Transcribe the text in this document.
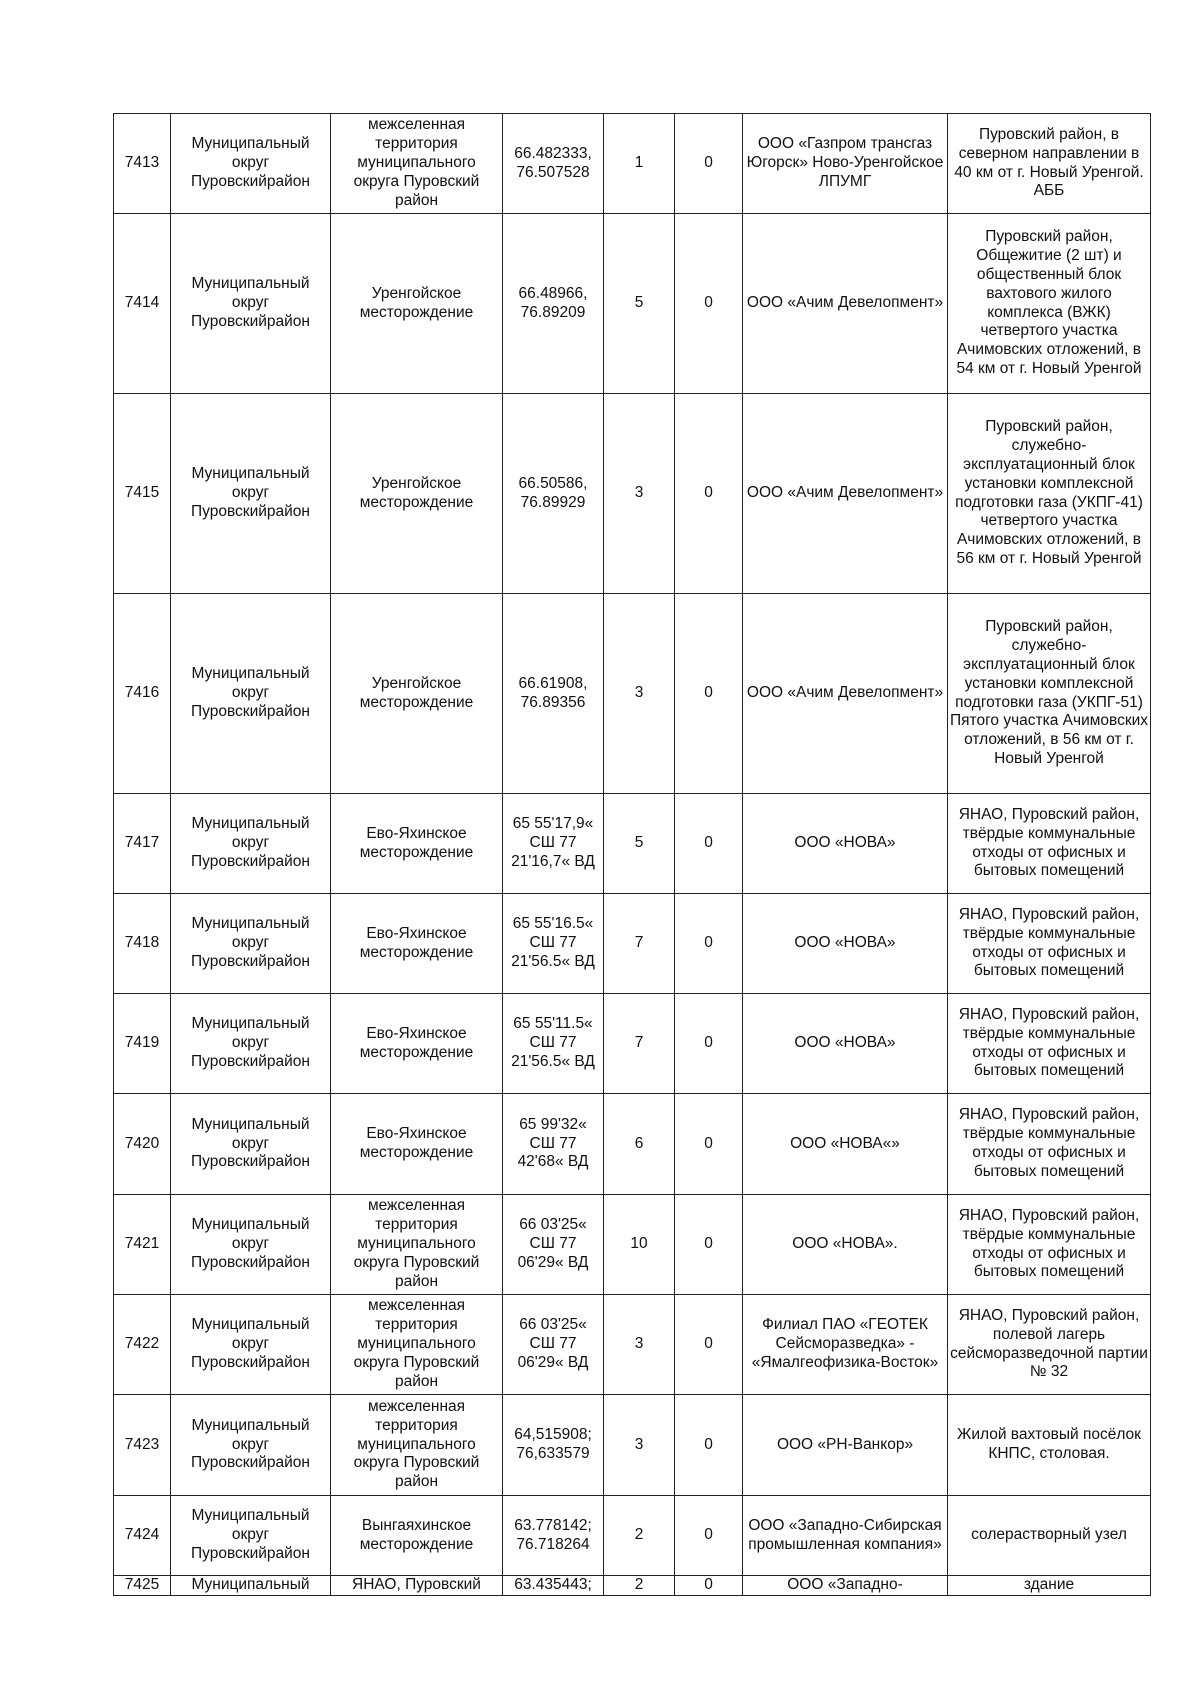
7413	Муниципальный округ Пуровскийрайон	межселенная территория муниципального округа Пуровский район	66.482333, 76.507528	1	0	ООО «Газпром трансгаз Югорск» Ново-Уренгойское ЛПУМГ	Пуровский район, в северном направлении в 40 км от г. Новый Уренгой. АББ
7414	Муниципальный округ Пуровскийрайон	Уренгойское месторождение	66.48966, 76.89209	5	0	ООО «Ачим Девелопмент»	Пуровский район, Общежитие (2 шт) и общественный блок вахтового жилого комплекса (ВЖК) четвертого участка Ачимовских отложений, в 54 км от г. Новый Уренгой
7415	Муниципальный округ Пуровскийрайон	Уренгойское месторождение	66.50586, 76.89929	3	0	ООО «Ачим Девелопмент»	Пуровский район, служебно-эксплуатационный блок установки комплексной подготовки газа (УКПГ-41) четвертого участка Ачимовских отложений, в 56 км от г. Новый Уренгой
7416	Муниципальный округ Пуровскийрайон	Уренгойское месторождение	66.61908, 76.89356	3	0	ООО «Ачим Девелопмент»	Пуровский район, служебно-эксплуатационный блок установки комплексной подготовки газа (УКПГ-51) Пятого участка Ачимовских отложений, в 56 км от г. Новый Уренгой
7417	Муниципальный округ Пуровскийрайон	Ево-Яхинское месторождение	65 55'17,9« СШ 77 21'16,7« ВД	5	0	ООО «НОВА»	ЯНАО, Пуровский район, твёрдые коммунальные отходы от офисных и бытовых помещений
7418	Муниципальный округ Пуровскийрайон	Ево-Яхинское месторождение	65 55'16.5« СШ 77 21'56.5« ВД	7	0	ООО «НОВА»	ЯНАО, Пуровский район, твёрдые коммунальные отходы от офисных и бытовых помещений
7419	Муниципальный округ Пуровскийрайон	Ево-Яхинское месторождение	65 55'11.5« СШ 77 21'56.5« ВД	7	0	ООО «НОВА»	ЯНАО, Пуровский район, твёрдые коммунальные отходы от офисных и бытовых помещений
7420	Муниципальный округ Пуровскийрайон	Ево-Яхинское месторождение	65 99'32« СШ 77 42'68« ВД	6	0	ООО «НОВА«»	ЯНАО, Пуровский район, твёрдые коммунальные отходы от офисных и бытовых помещений
7421	Муниципальный округ Пуровскийрайон	межселенная территория муниципального округа Пуровский район	66 03'25« СШ 77 06'29« ВД	10	0	ООО «НОВА».	ЯНАО, Пуровский район, твёрдые коммунальные отходы от офисных и бытовых помещений
7422	Муниципальный округ Пуровскийрайон	межселенная территория муниципального округа Пуровский район	66 03'25« СШ 77 06'29« ВД	3	0	Филиал ПАО «ГЕОТЕК Сейсморазведка» - «Ямалгеофизика-Восток»	ЯНАО, Пуровский район, полевой лагерь сейсморазведочной партии № 32
7423	Муниципальный округ Пуровскийрайон	межселенная территория муниципального округа Пуровский район	64,515908; 76,633579	3	0	ООО «РН-Ванкор»	Жилой вахтовый посёлок КНПС, столовая.
7424	Муниципальный округ Пуровскийрайон	Вынгаяхинское месторождение	63.778142; 76.718264	2	0	ООО «Западно-Сибирская промышленная компания»	солерастворный узел
7425	Муниципальный	ЯНАО, Пуровский	63.435443;	2	0	ООО «Западно-	здание
